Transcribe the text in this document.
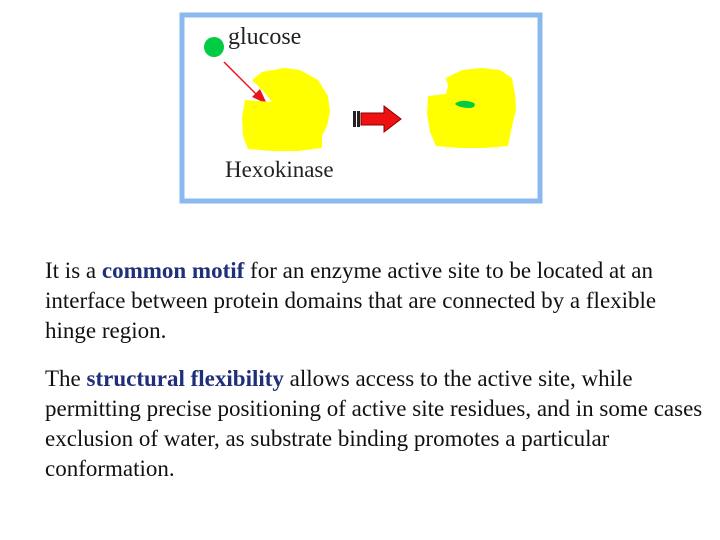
glucose
Hexokinase

It is a common motif for an enzyme active site to be located at an interface between protein domains that are connected by a flexible hinge region.

The structural flexibility allows access to the active site, while permitting precise positioning of active site residues, and in some cases exclusion of water, as substrate binding promotes a particular conformation.
